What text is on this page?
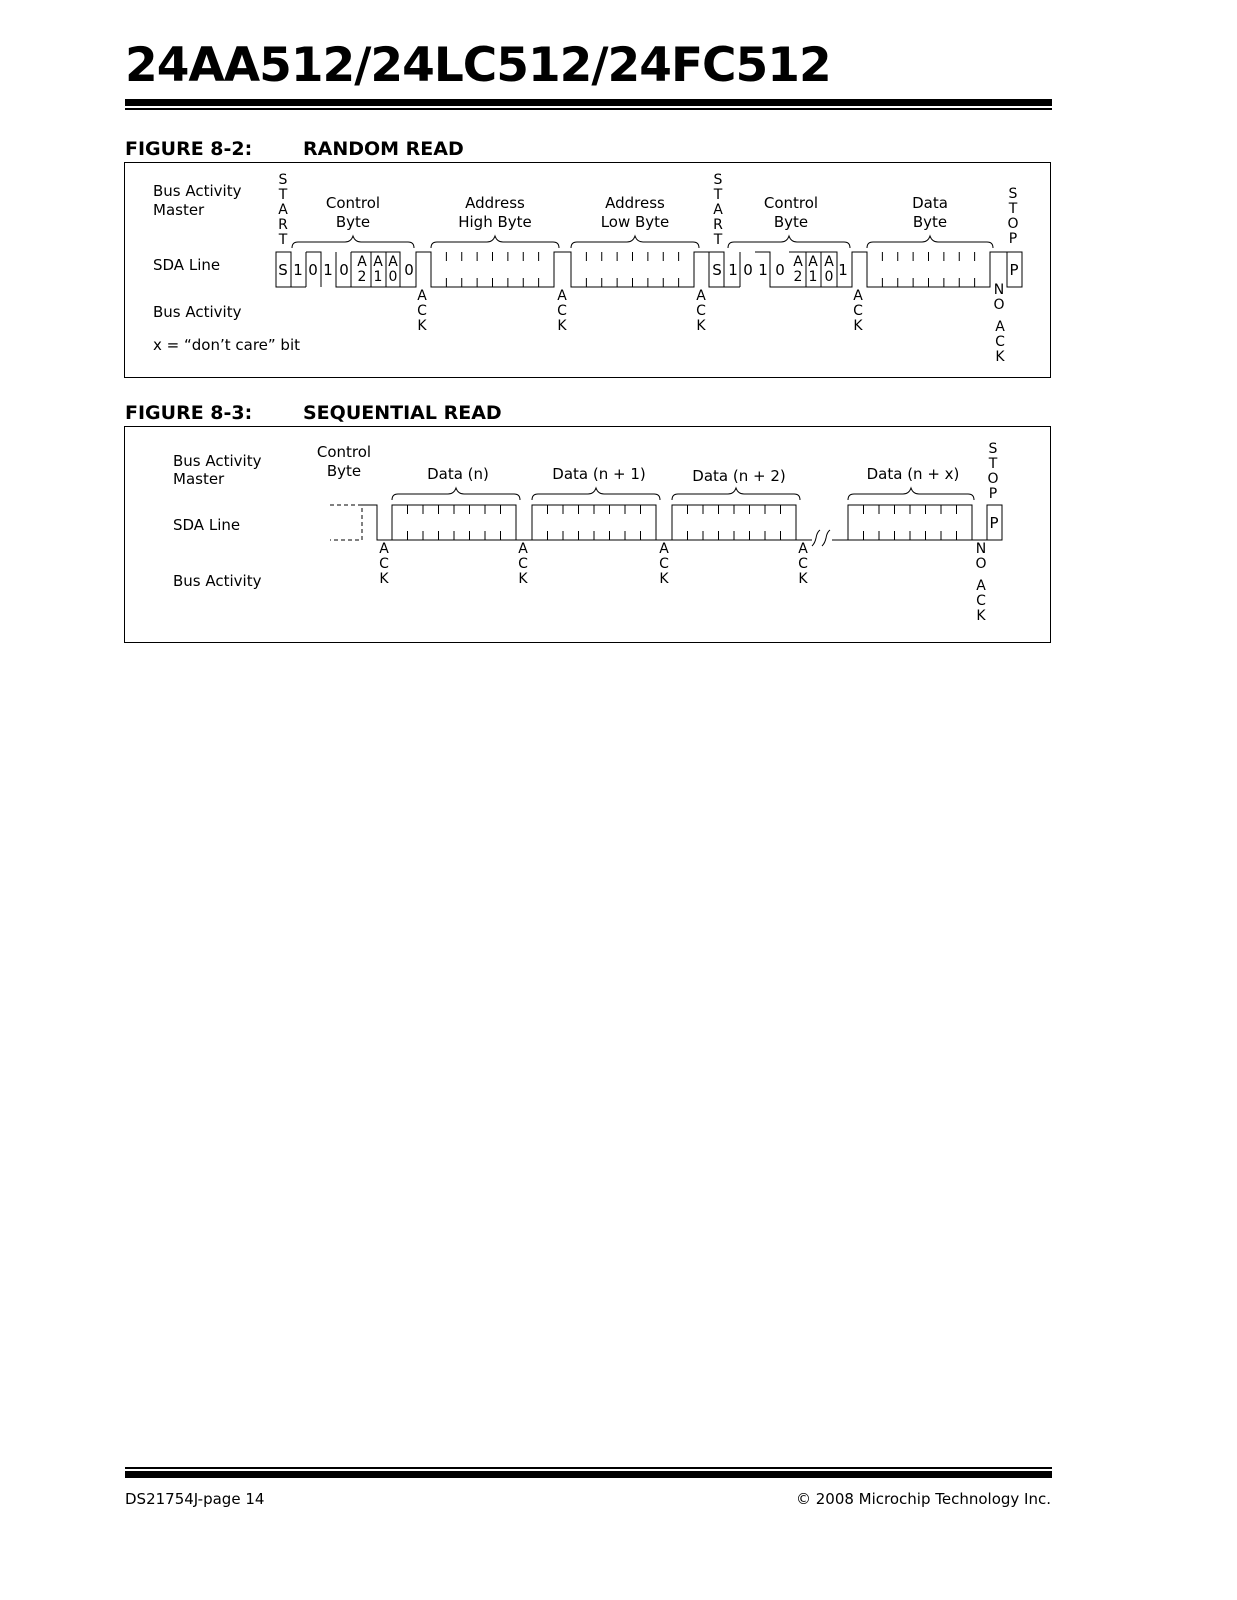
24AA512/24LC512/24FC512
FIGURE 8-2:	RANDOM READ
Bus Activity
Master
SDA Line
Bus Activity
x = “don’t care” bit
S
T
A
R
T
S
T
A
R
T
S
T
O
P
Control
Byte
Address
High Byte
Address
Low Byte
Control
Byte
Data
Byte
S 1 0 1 0 A
2
A
1
A
0 0	S 1 0 1 0 A
2
A
1
A
0 1	P
A
C
K
A
C
K
A
C
K
A
C
K
N
O
A
C
K
FIGURE 8-3:	SEQUENTIAL READ
Bus Activity
Master
SDA Line
Bus Activity
Control
Byte	Data (n)	Data (n + 1)	Data (n + 2)	Data (n + x)
S
T
O
P
P
A
C
K
A
C
K
A
C
K
A
C
K
N
O
A
C
K
DS21754J-page 14	© 2008 Microchip Technology Inc.
